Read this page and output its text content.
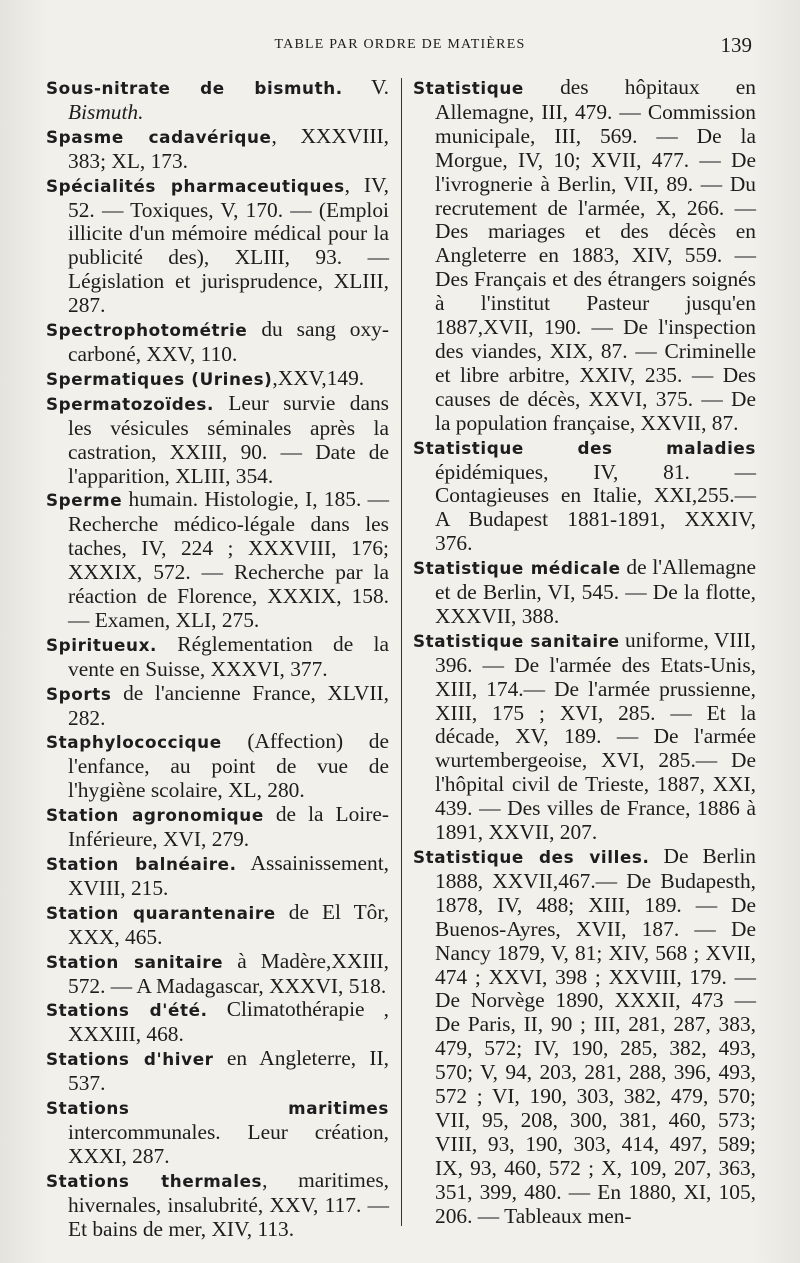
TABLE PAR ORDRE DE MATIÈRES	139

Sous-nitrate de bismuth. V. Bismuth.

Spasme cadavérique, XXXVIII, 383; XL, 173.

Spécialités pharmaceutiques, IV, 52. — Toxiques, V, 170. — (Emploi illicite d'un mémoire médical pour la publicité des), XLIII, 93. — Législation et jurisprudence, XLIII, 287.

Spectrophotométrie du sang oxy-carboné, XXV, 110.

Spermatiques (Urines),XXV,149.

Spermatozoïdes. Leur survie dans les vésicules séminales après la castration, XXIII, 90. — Date de l'apparition, XLIII, 354.

Sperme humain. Histologie, I, 185. —Recherche médico-légale dans les taches, IV, 224 ; XXXVIII, 176; XXXIX, 572. — Recherche par la réaction de Florence, XXXIX, 158. — Examen, XLI, 275.

Spiritueux. Réglementation de la vente en Suisse, XXXVI, 377.

Sports de l'ancienne France, XLVII, 282.

Staphylococcique (Affection) de l'enfance, au point de vue de l'hygiène scolaire, XL, 280.

Station agronomique de la Loire-Inférieure, XVI, 279.

Station balnéaire. Assainissement, XVIII, 215.

Station quarantenaire de El Tôr, XXX, 465.

Station sanitaire à Madère,XXIII, 572. — A Madagascar, XXXVI, 518.

Stations d'été. Climatothérapie , XXXIII, 468.

Stations d'hiver en Angleterre, II, 537.

Stations maritimes intercommunales. Leur création, XXXI, 287.

Stations thermales, maritimes, hivernales, insalubrité, XXV, 117. — Et bains de mer, XIV, 113.

Statistique des hôpitaux en Allemagne, III, 479. — Commission municipale, III, 569. — De la Morgue, IV, 10; XVII, 477. — De l'ivrognerie à Berlin, VII, 89. — Du recrutement de l'armée, X, 266. — Des mariages et des décès en Angleterre en 1883, XIV, 559. — Des Français et des étrangers soignés à l'institut Pasteur jusqu'en 1887,XVII, 190. — De l'inspection des viandes, XIX, 87. — Criminelle et libre arbitre, XXIV, 235. — Des causes de décès, XXVI, 375. — De la population française, XXVII, 87.

Statistique des maladies épidémiques, IV, 81. — Contagieuses en Italie, XXI,255.— A Budapest 1881-1891, XXXIV, 376.

Statistique médicale de l'Allemagne et de Berlin, VI, 545. — De la flotte, XXXVII, 388.

Statistique sanitaire uniforme, VIII, 396. — De l'armée des Etats-Unis, XIII, 174.— De l'armée prussienne, XIII, 175 ; XVI, 285. — Et la décade, XV, 189. — De l'armée wurtembergeoise, XVI, 285.— De l'hôpital civil de Trieste, 1887, XXI, 439. — Des villes de France, 1886 à 1891, XXVII, 207.

Statistique des villes. De Berlin 1888, XXVII,467.— De Budapesth, 1878, IV, 488; XIII, 189. — De Buenos-Ayres, XVII, 187. — De Nancy 1879, V, 81; XIV, 568 ; XVII, 474 ; XXVI, 398 ; XXVIII, 179. — De Norvège 1890, XXXII, 473 — De Paris, II, 90 ; III, 281, 287, 383, 479, 572; IV, 190, 285, 382, 493, 570; V, 94, 203, 281, 288, 396, 493, 572 ; VI, 190, 303, 382, 479, 570; VII, 95, 208, 300, 381, 460, 573; VIII, 93, 190, 303, 414, 497, 589; IX, 93, 460, 572 ; X, 109, 207, 363, 351, 399, 480. — En 1880, XI, 105, 206. — Tableaux men-
